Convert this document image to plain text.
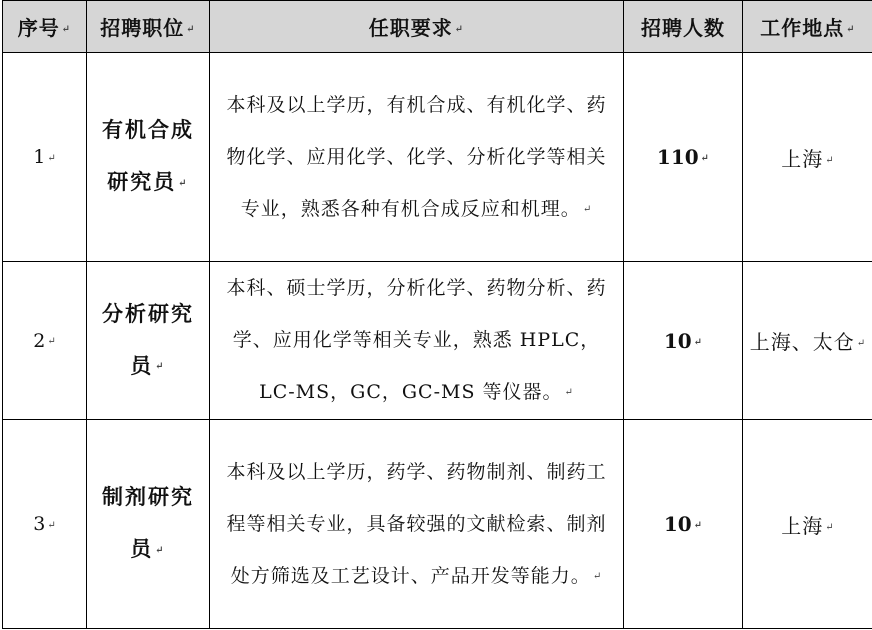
序号 ↵	招聘职位 ↵	任职要求 ↵	招聘人数	工作地点 ↵
1 ↵	有机合成研究员 ↵	本科及以上学历，有机合成、有机化学、药物化学、应用化学、化学、分析化学等相关专业，熟悉各种有机合成反应和机理。 ↵	110 ↵	上海 ↵
2 ↵	分析研究员 ↵	本科、硕士学历，分析化学、药物分析、药学、应用化学等相关专业，熟悉 HPLC，LC-MS，GC，GC-MS 等仪器。 ↵	10 ↵	上海、太仓 ↵
3 ↵	制剂研究员 ↵	本科及以上学历，药学、药物制剂、制药工程等相关专业，具备较强的文献检索、制剂处方筛选及工艺设计、产品开发等能力。 ↵	10 ↵	上海 ↵
